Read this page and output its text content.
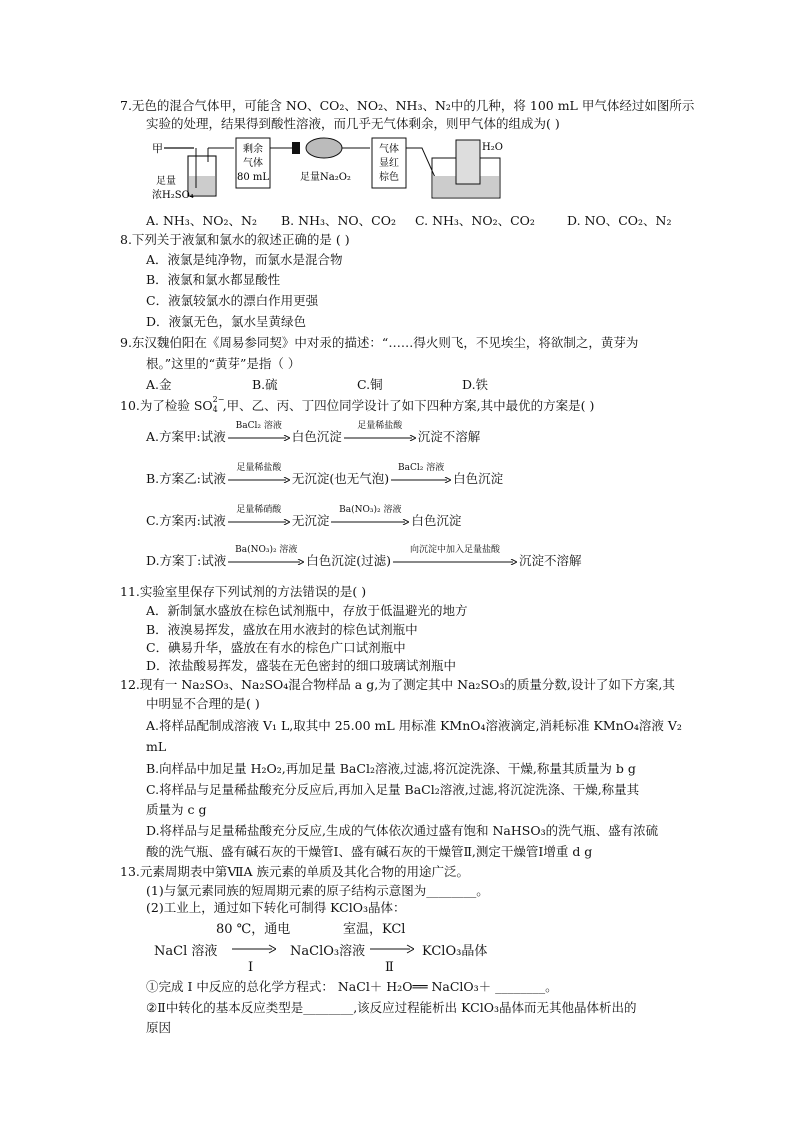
7.无色的混合气体甲，可能含 NO、CO₂、NO₂、NH₃、N₂中的几种，将 100 mL 甲气体经过如图所示
实验的处理，结果得到酸性溶液，而几乎无气体剩余，则甲气体的组成为( )
甲
足量
浓H₂SO₄
剩余
气体
80 mL	足量Na₂O₂
气体
显红
棕色
H₂O
A. NH₃、NO₂、N₂ B. NH₃、NO、CO₂ C. NH₃、NO₂、CO₂	D. NO、CO₂、N₂
8.下列关于液氯和氯水的叙述正确的是 ( )
A．液氯是纯净物，而氯水是混合物
B．液氯和氯水都显酸性
C．液氯较氯水的漂白作用更强
D．液氯无色，氯水呈黄绿色
9.东汉魏伯阳在《周易参同契》中对汞的描述：“……得火则飞，不见埃尘，将欲制之，黄芽为
根。”这里的“黄芽”是指（ ）
A.金	B.硫	C.铜	D.铁
10.为了检验 SO 2−
4 ,甲、乙、丙、丁四位同学设计了如下四种方案,其中最优的方案是( )
A.方案甲:试液
BaCl₂ 溶液
白色沉淀
足量稀盐酸
沉淀不溶解
B.方案乙:试液
足量稀盐酸
无沉淀(也无气泡)
BaCl₂ 溶液
白色沉淀
C.方案丙:试液
足量稀硝酸
无沉淀
Ba(NO₃)₂ 溶液
白色沉淀
D.方案丁:试液
Ba(NO₃)₂ 溶液
白色沉淀(过滤)
向沉淀中加入足量盐酸
沉淀不溶解
11.实验室里保存下列试剂的方法错误的是( )
A．新制氯水盛放在棕色试剂瓶中，存放于低温避光的地方
B．液溴易挥发，盛放在用水液封的棕色试剂瓶中
C．碘易升华，盛放在有水的棕色广口试剂瓶中
D．浓盐酸易挥发，盛装在无色密封的细口玻璃试剂瓶中
12.现有一 Na₂SO₃、Na₂SO₄混合物样品 a g,为了测定其中 Na₂SO₃的质量分数,设计了如下方案,其
中明显不合理的是( )
A.将样品配制成溶液 V₁ L,取其中 25.00 mL 用标准 KMnO₄溶液滴定,消耗标准 KMnO₄溶液 V₂
mL
B.向样品中加足量 H₂O₂,再加足量 BaCl₂溶液,过滤,将沉淀洗涤、干燥,称量其质量为 b g
C.将样品与足量稀盐酸充分反应后,再加入足量 BaCl₂溶液,过滤,将沉淀洗涤、干燥,称量其
质量为 c g
D.将样品与足量稀盐酸充分反应,生成的气体依次通过盛有饱和 NaHSO₃的洗气瓶、盛有浓硫
酸的洗气瓶、盛有碱石灰的干燥管Ⅰ、盛有碱石灰的干燥管Ⅱ,测定干燥管Ⅰ增重 d g
13.元素周期表中第ⅦA 族元素的单质及其化合物的用途广泛。
(1)与氯元素同族的短周期元素的原子结构示意图为________。
(2)工业上，通过如下转化可制得 KClO₃晶体：
80 ℃，通电	室温，KCl
NaCl 溶液	NaClO₃溶液	KClO₃晶体
Ⅰ	Ⅱ
①完成 Ⅰ 中反应的总化学方程式： NaCl＋ H₂O══ NaClO₃＋ ________。
②Ⅱ中转化的基本反应类型是________,该反应过程能析出 KClO₃晶体而无其他晶体析出的
原因
